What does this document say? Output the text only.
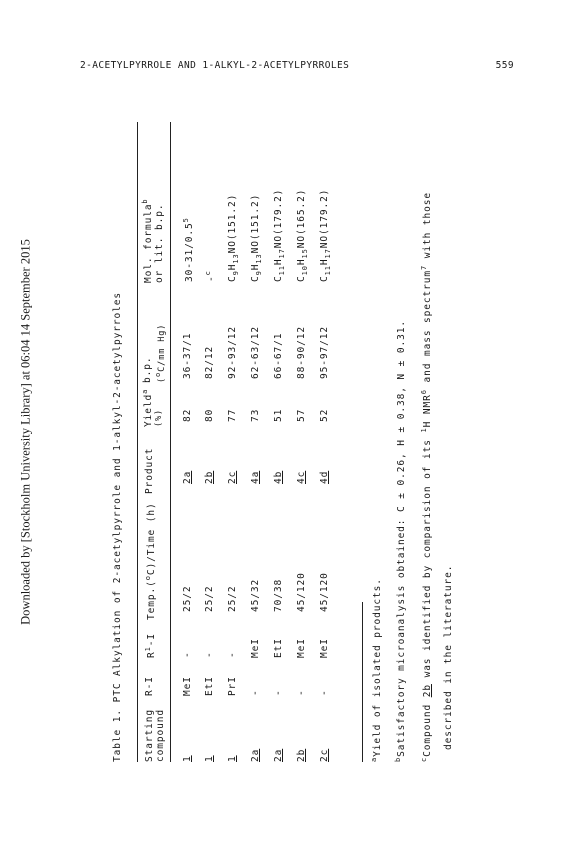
2-ACETYLPYRROLE AND 1-ALKYL-2-ACETYLPYRROLES	559
Downloaded by [Stockholm University Library] at 06:04 14 September 2015	Table 1. PTC Alkylation of 2-acetylpyrrole and 1-alkyl-2-acetylpyrroles Starting compound
R-I
$R^1-I$
Temp.($^o$C)/Time (h)
Product
Yield$^a$
(%)
b.p. ($^o$C/mm Hg)
Mol. formula$^b$
or lit. b.p.
1
MeI
-
25/2
2a
82
36-37/1
$30-31/0.5^5$
1
EtI
-
25/2
2b
80
82/12
-$^c$
1
PrI
-
25/2
2c
77
92-93/12
$C_9H_{13}NO(151.2)$
2a
-
MeI
45/32
4a
73
62-63/12
$C_9H_{13}NO(151.2)$
2a
-
EtI
70/38
4b
51
66-67/1
$C_{11}H_{17}NO(179.2)$
2b
-
MeI
45/120
4c
57
88-90/12
$C_{10}H_{15}NO(165.2)$
2c
-
MeI
45/120
4d
52
95-97/12
$C_{11}H_{17}NO(179.2)$
$^a$Yield of isolated products.
$^b$Satisfactory microanalysis obtained: C ± 0.26, H ± 0.38, N ± 0.31.
$^c$Compound 2b was identified by comparision of its $^1$H NMR$^6$ and mass spectrum$^7$ with those
described in the literature.
